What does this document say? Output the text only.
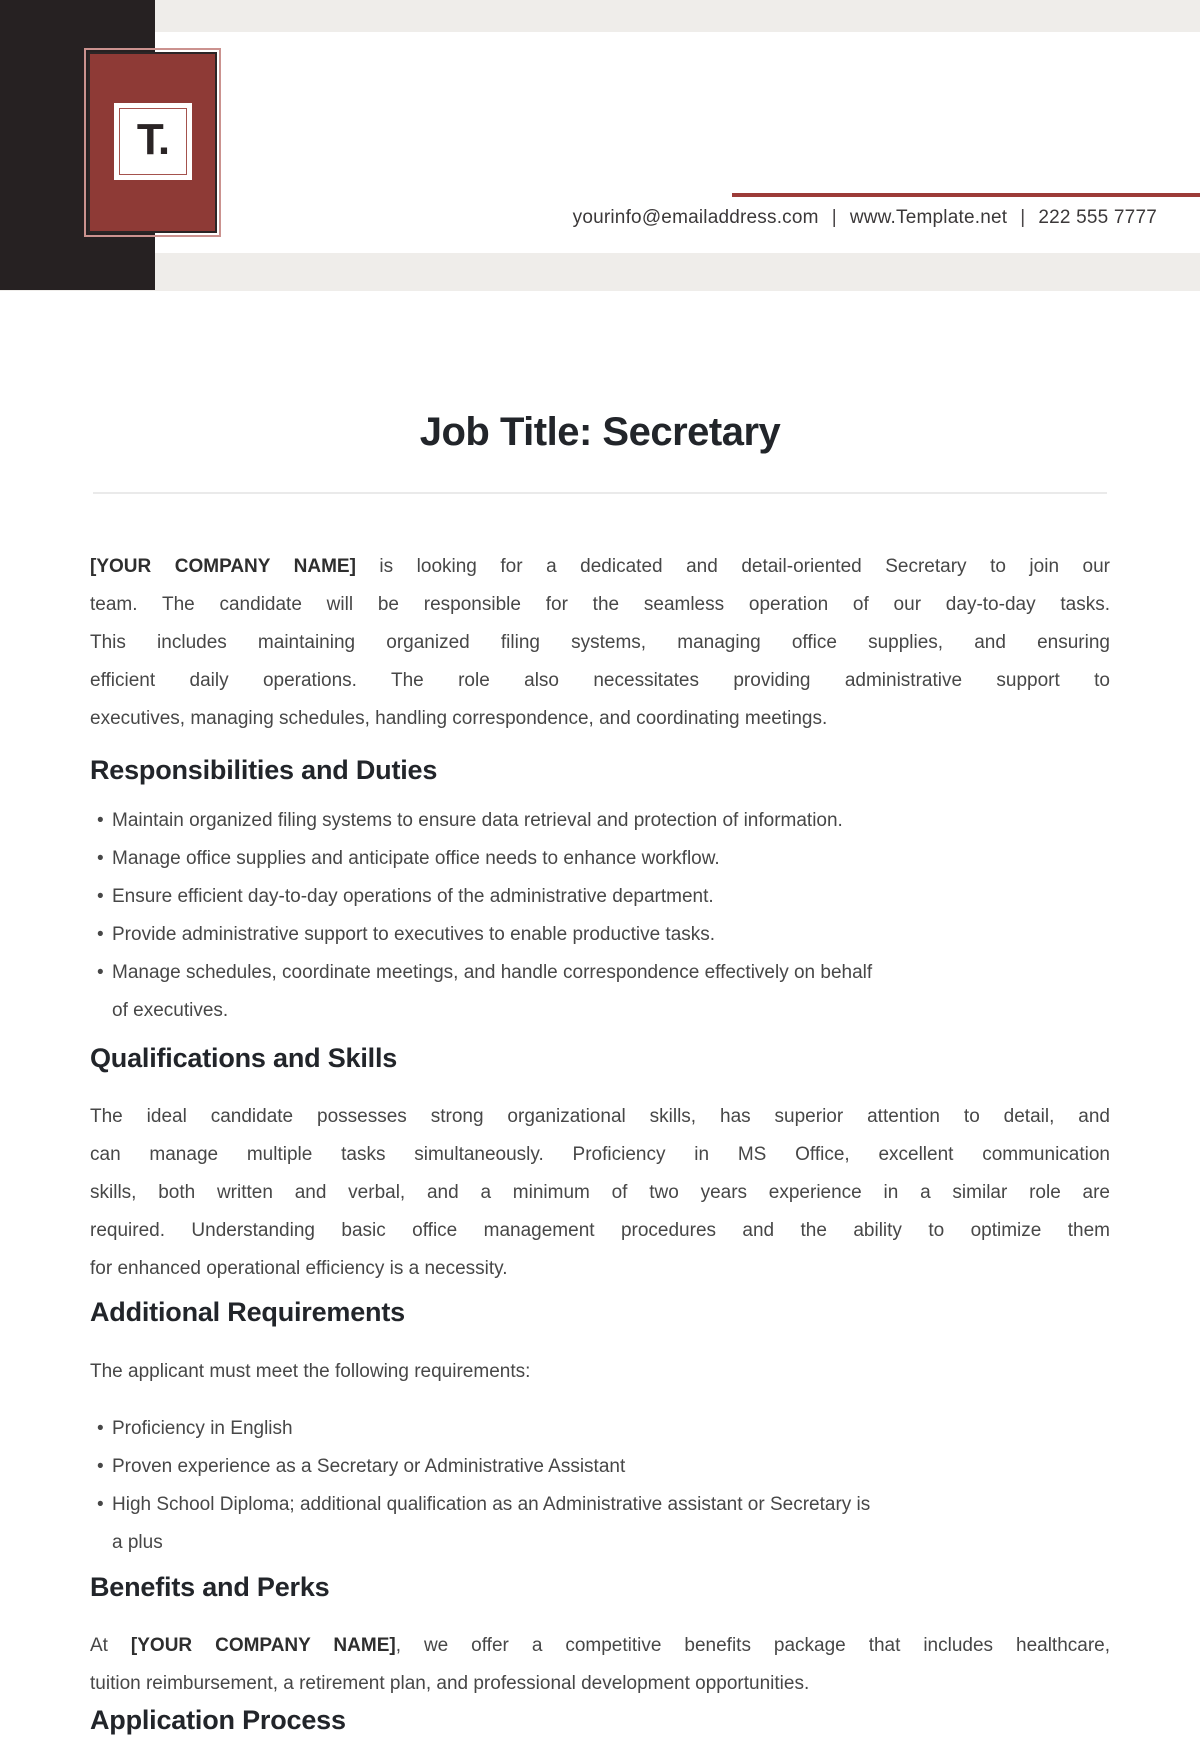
T.
yourinfo@emailaddress.com | www.Template.net | 222 555 7777
Job Title: Secretary
[YOUR COMPANY NAME] is looking for a dedicated and detail-oriented Secretary to join our
team. The candidate will be responsible for the seamless operation of our day-to-day tasks.
This includes maintaining organized filing systems, managing office supplies, and ensuring
efficient daily operations. The role also necessitates providing administrative support to
executives, managing schedules, handling correspondence, and coordinating meetings.
Responsibilities and Duties
• Maintain organized filing systems to ensure data retrieval and protection of information.
• Manage office supplies and anticipate office needs to enhance workflow.
• Ensure efficient day-to-day operations of the administrative department.
• Provide administrative support to executives to enable productive tasks.
• Manage schedules, coordinate meetings, and handle correspondence effectively on behalf
of executives.
Qualifications and Skills
The ideal candidate possesses strong organizational skills, has superior attention to detail, and
can manage multiple tasks simultaneously. Proficiency in MS Office, excellent communication
skills, both written and verbal, and a minimum of two years experience in a similar role are
required. Understanding basic office management procedures and the ability to optimize them
for enhanced operational efficiency is a necessity.
Additional Requirements

The applicant must meet the following requirements:

• Proficiency in English
• Proven experience as a Secretary or Administrative Assistant
• High School Diploma; additional qualification as an Administrative assistant or Secretary is
a plus
Benefits and Perks
At [YOUR COMPANY NAME], we offer a competitive benefits package that includes healthcare,
tuition reimbursement, a retirement plan, and professional development opportunities.
Application Process
